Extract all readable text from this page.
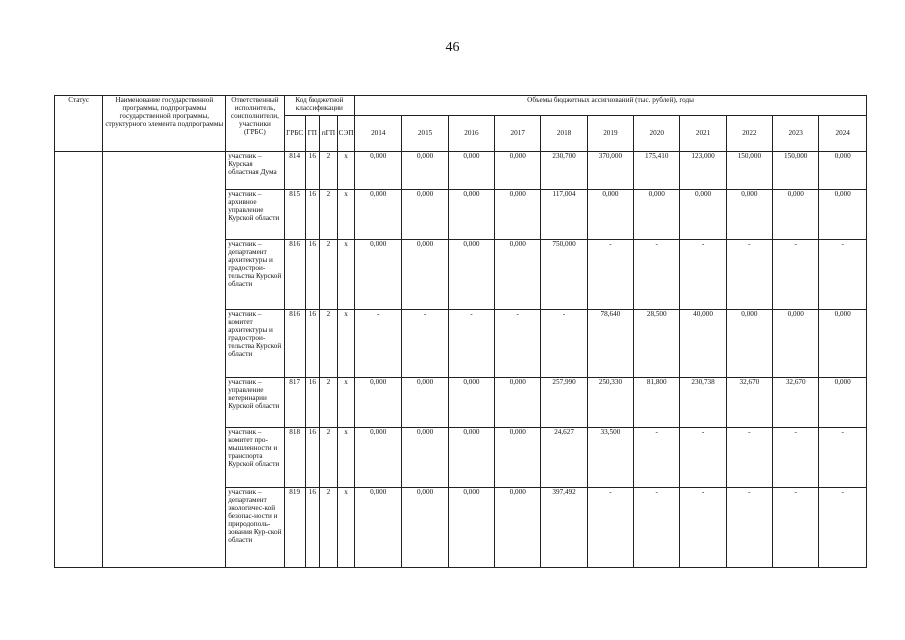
46
Статус	Наименование государственной программы, подпрограммы государственной программы, структурного элемента подпрограммы	Ответственный исполнитель, соисполнители, участники (ГРБС)	Код бюджетной классификации				Объемы бюджетных ассигнований (тыс. рублей), годы										
			ГРБС	ГП	пГП	СЭП	2014	2015	2016	2017	2018	2019	2020	2021	2022	2023	2024
		участник – Курская областная Дума	814	16	2	х	0,000	0,000	0,000	0,000	230,700	370,000	175,410	123,000	150,000	150,000	0,000
		участник – архивное управление Курской области	815	16	2	х	0,000	0,000	0,000	0,000	117,004	0,000	0,000	0,000	0,000	0,000	0,000
		участник – департамент архитектуры и градострои-тельства Курской области	816	16	2	х	0,000	0,000	0,000	0,000	750,000	-	-	-	-	-	-
		участник – комитет архитектуры и градострои-тельства Курской области	816	16	2	х	-	-	-	-	-	78,640	28,500	40,000	0,000	0,000	0,000
		участник – управление ветеринарии Курской области	817	16	2	х	0,000	0,000	0,000	0,000	257,990	250,330	81,800	230,738	32,670	32,670	0,000
		участник – комитет про-мышленности и транспорта Курской области	818	16	2	х	0,000	0,000	0,000	0,000	24,627	33,500	-	-	-	-	-
		участник – департамент экологичес-кой безопас-ности и природополь-зования Кур-ской области	819	16	2	х	0,000	0,000	0,000	0,000	397,492	-	-	-	-	-	-
